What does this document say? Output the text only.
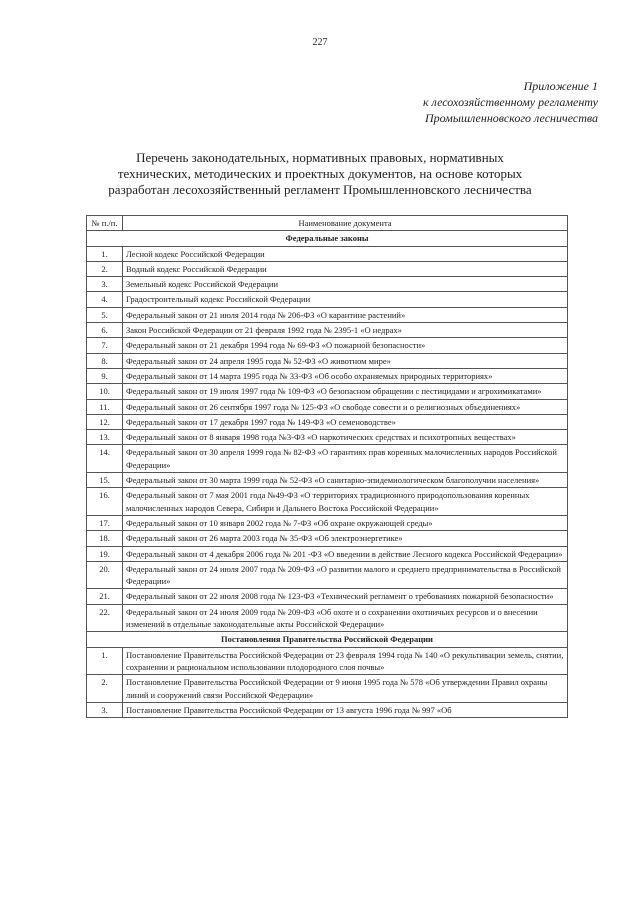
227
Приложение 1
к лесохозяйственному регламенту
Промышленновского лесничества
Перечень законодательных, нормативных правовых, нормативных
технических, методических и проектных документов, на основе которых
разработан лесохозяйственный регламент Промышленновского лесничества
№ п./п.	Наименование документа
Федеральные законы	
1.	Лесной кодекс Российской Федерации
2.	Водный кодекс Российской Федерации
3.	Земельный кодекс Российской Федерации
4.	Градостроительный кодекс Российской Федерации
5.	Федеральный закон от 21 июля 2014 года № 206-ФЗ «О карантине растений»
6.	Закон Российской Федерации от 21 февраля 1992 года № 2395-1 «О недрах»
7.	Федеральный закон от 21 декабря 1994 года № 69-ФЗ «О пожарной безопасности»
8.	Федеральный закон от 24 апреля 1995 года № 52-ФЗ «О животном мире»
9.	Федеральный закон от 14 марта 1995 года № 33-ФЗ «Об особо охраняемых природных территориях»
10.	Федеральный закон от 19 июля 1997 года № 109-ФЗ «О безопасном обращении с пестицидами и агрохимикатами»
11.	Федеральный закон от 26 сентября 1997 года № 125-ФЗ «О свободе совести и о религиозных объединениях»
12.	Федеральный закон от 17 декабря 1997 года № 149-ФЗ «О семеноводстве»
13.	Федеральный закон от 8 января 1998 года №3-ФЗ «О наркотических средствах и психотропных веществах»
14.	Федеральный закон от 30 апреля 1999 года № 82-ФЗ «О гарантиях прав коренных малочисленных народов Российской Федерации»
15.	Федеральный закон от 30 марта 1999 года № 52-ФЗ «О санитарно-эпидемиологическом благополучии населения»
16.	Федеральный закон от 7 мая 2001 года №49-ФЗ «О территориях традиционного природопользования коренных малочисленных народов Севера, Сибири и Дальнего Востока Российской Федерации»
17.	Федеральный закон от 10 января 2002 года № 7-ФЗ «Об охране окружающей среды»
18.	Федеральный закон от 26 марта 2003 года № 35-ФЗ «Об электроэнергетике»
19.	Федеральный закон от 4 декабря 2006 года № 201 -ФЗ «О введении в действие Лесного кодекса Российской Федерации»
20.	Федеральный закон от 24 июля 2007 года № 209-ФЗ «О развитии малого и среднего предпринимательства в Российской Федерации»
21.	Федеральный закон от 22 июля 2008 года № 123-ФЗ «Технический регламент о требованиях пожарной безопасности»
22.	Федеральный закон от 24 июля 2009 года № 209-ФЗ «Об охоте и о сохранении охотничьих ресурсов и о внесении изменений в отдельные законодательные акты Российской Федерации»
Постановления Правительства Российской Федерации	
1.	Постановление Правительства Российской Федерации от 23 февраля 1994 года № 140 «О рекультивации земель, снятии, сохранении и рациональном использовании плодородного слоя почвы»
2.	Постановление Правительства Российской Федерации от 9 июня 1995 года № 578 «Об утверждении Правил охраны линий и сооружений связи Российской Федерации»
3.	Постановление Правительства Российской Федерации от 13 августа 1996 года № 997 «Об
